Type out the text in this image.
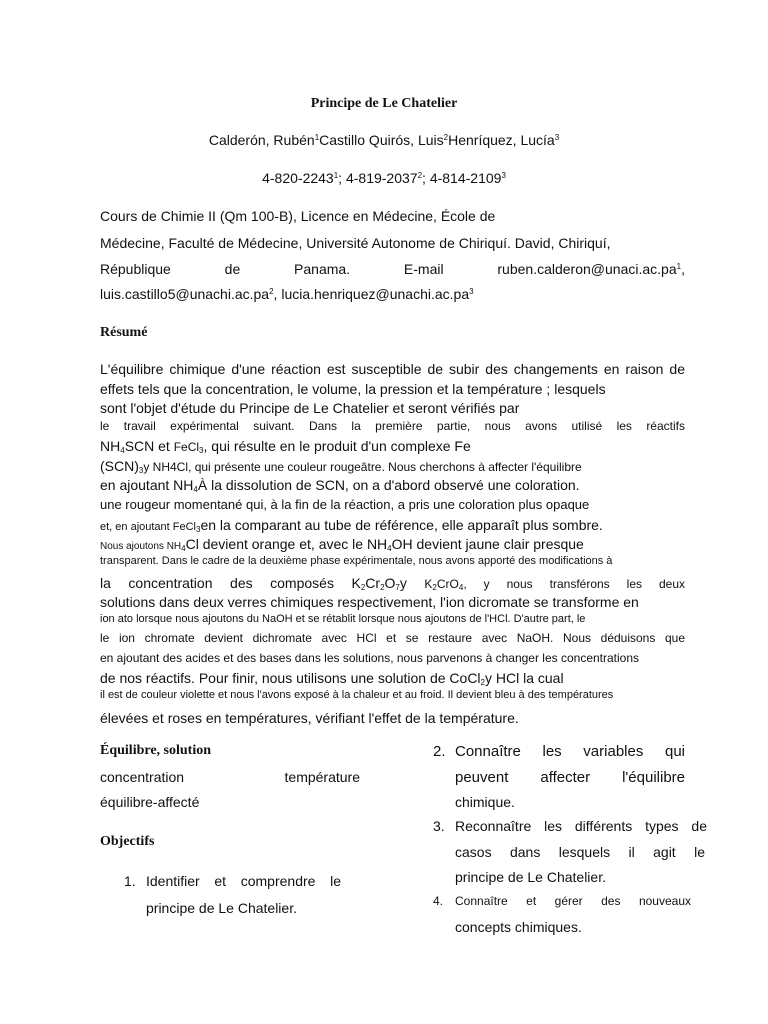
Principe de Le Chatelier
Calderón, Rubén$^1$Castillo Quirós, Luis$^2$Henríquez, Lucía$^3$
4-820-2243$^1$; 4-819-2037$^2$; 4-814-2109$^3$
Cours de Chimie II (Qm 100-B), Licence en Médecine, École de
Médecine, Faculté de Médecine, Université Autonome de Chiriquí. David, Chiriquí,
République	de	Panama.	E-mail	$ruben.calderon@unaci.ac.pa^1$,
$luis.castillo5@unachi.ac.pa^2$, $lucia.henriquez@unachi.ac.pa^3$
Résumé
L'équilibre chimique d'une réaction est susceptible de subir des changements en raison de
effets tels que la concentration, le volume, la pression et la température ; lesquels
sont l'objet d'étude du Principe de Le Chatelier et seront vérifiés par
le travail expérimental suivant. Dans la première partie, nous avons utilisé les réactifs
$NH_4SCN$ et FeCl$_3$, qui résulte en le produit d'un complexe Fe
$(SCN)_3y$ NH4Cl, qui présente une couleur rougeâtre. Nous cherchons à affecter l'équilibre
en ajoutant $NH_4À$ la dissolution de SCN, on a d'abord observé une coloration.
une rougeur momentané qui, à la fin de la réaction, a pris une coloration plus opaque
et, en ajoutant FeCl$_3$en la comparant au tube de référence, elle apparaît plus sombre.
Nous ajoutons $NH_4Cl$ devient orange et, avec le $NH_4OH$ devient jaune clair presque
transparent. Dans le cadre de la deuxième phase expérimentale, nous avons apporté des modifications à
la concentration des composés $K_2Cr_2O_7y$ $K_2CrO_4$, y nous transférons les deux
solutions dans deux verres chimiques respectivement, l'ion dicromate se transforme en
ion ato lorsque nous ajoutons du NaOH et se rétablit lorsque nous ajoutons de l'HCl. D'autre part, le
le ion chromate devient dichromate avec HCl et se restaure avec NaOH. Nous déduisons que
en ajoutant des acides et des bases dans les solutions, nous parvenons à changer les concentrations
de nos réactifs. Pour finir, nous utilisons une solution de CoCl$_2$y HCl la cual
il est de couleur violette et nous l'avons exposé à la chaleur et au froid. Il devient bleu à des températures
élevées et roses en températures, vérifiant l'effet de la température.
Équilibre, solution
concentration	température
équilibre-affecté
Objectifs
1. Identifier et comprendre le
principe de Le Chatelier.
2. Connaître les variables qui
peuvent affecter l'équilibre
chimique.
3. Reconnaître les différents types de
casos dans lesquels il agit le
principe de Le Chatelier.
4. Connaître et gérer des nouveaux
concepts chimiques.
